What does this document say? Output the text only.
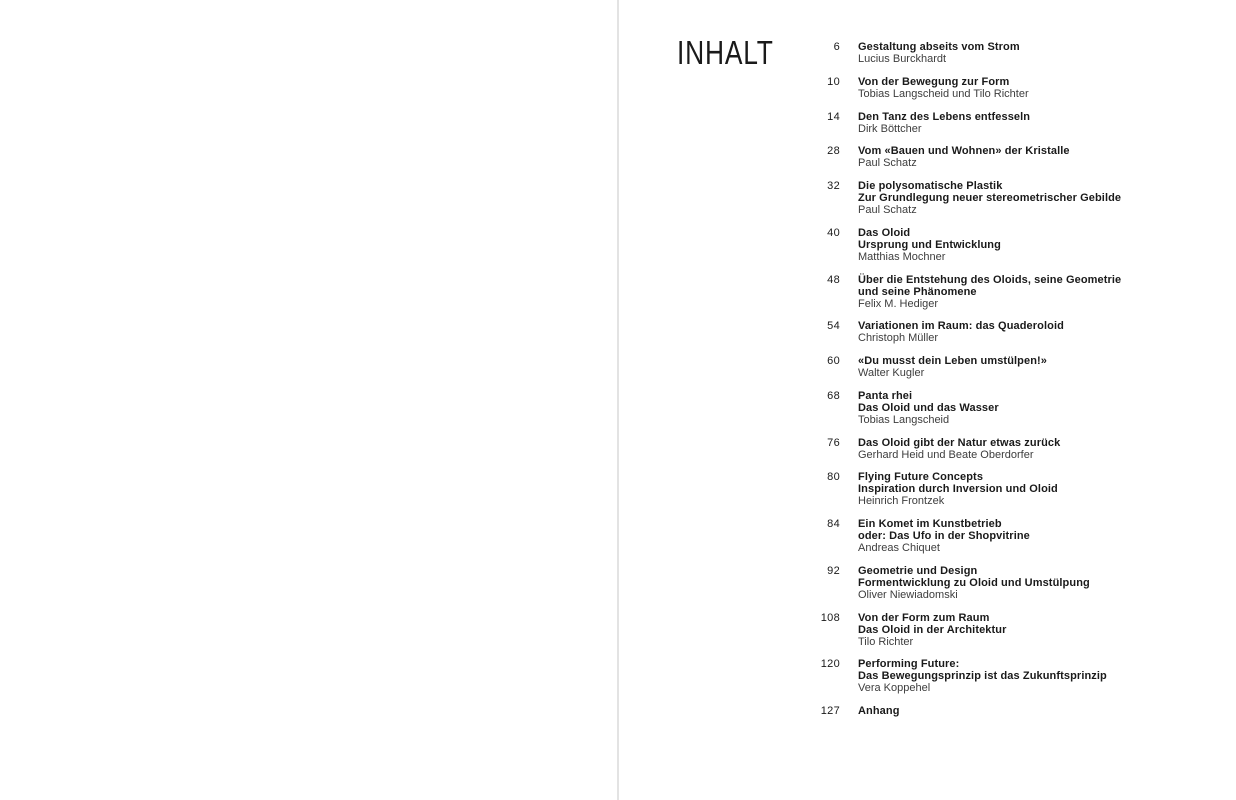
INHALT	6	Gestaltung abseits vom Strom
Lucius Burckhardt
10	Von der Bewegung zur Form
Tobias Langscheid und Tilo Richter
14	Den Tanz des Lebens entfesseln
Dirk Böttcher
28	Vom «Bauen und Wohnen» der Kristalle
Paul Schatz
32	Die polysomatische Plastik
Zur Grundlegung neuer stereometrischer Gebilde
Paul Schatz
40	Das Oloid
Ursprung und Entwicklung
Matthias Mochner
48	Über die Entstehung des Oloids, seine Geometrie
und seine Phänomene
Felix M. Hediger
54	Variationen im Raum: das Quaderoloid
Christoph Müller
60	«Du musst dein Leben umstülpen!»
Walter Kugler
68	Panta rhei
Das Oloid und das Wasser
Tobias Langscheid
76	Das Oloid gibt der Natur etwas zurück
Gerhard Heid und Beate Oberdorfer
80	Flying Future Concepts
Inspiration durch Inversion und Oloid
Heinrich Frontzek
84	Ein Komet im Kunstbetrieb
oder: Das Ufo in der Shopvitrine
Andreas Chiquet
92	Geometrie und Design
Formentwicklung zu Oloid und Umstülpung
Oliver Niewiadomski
108	Von der Form zum Raum
Das Oloid in der Architektur
Tilo Richter
120	Performing Future:
Das Bewegungsprinzip ist das Zukunftsprinzip
Vera Koppehel
127	Anhang
